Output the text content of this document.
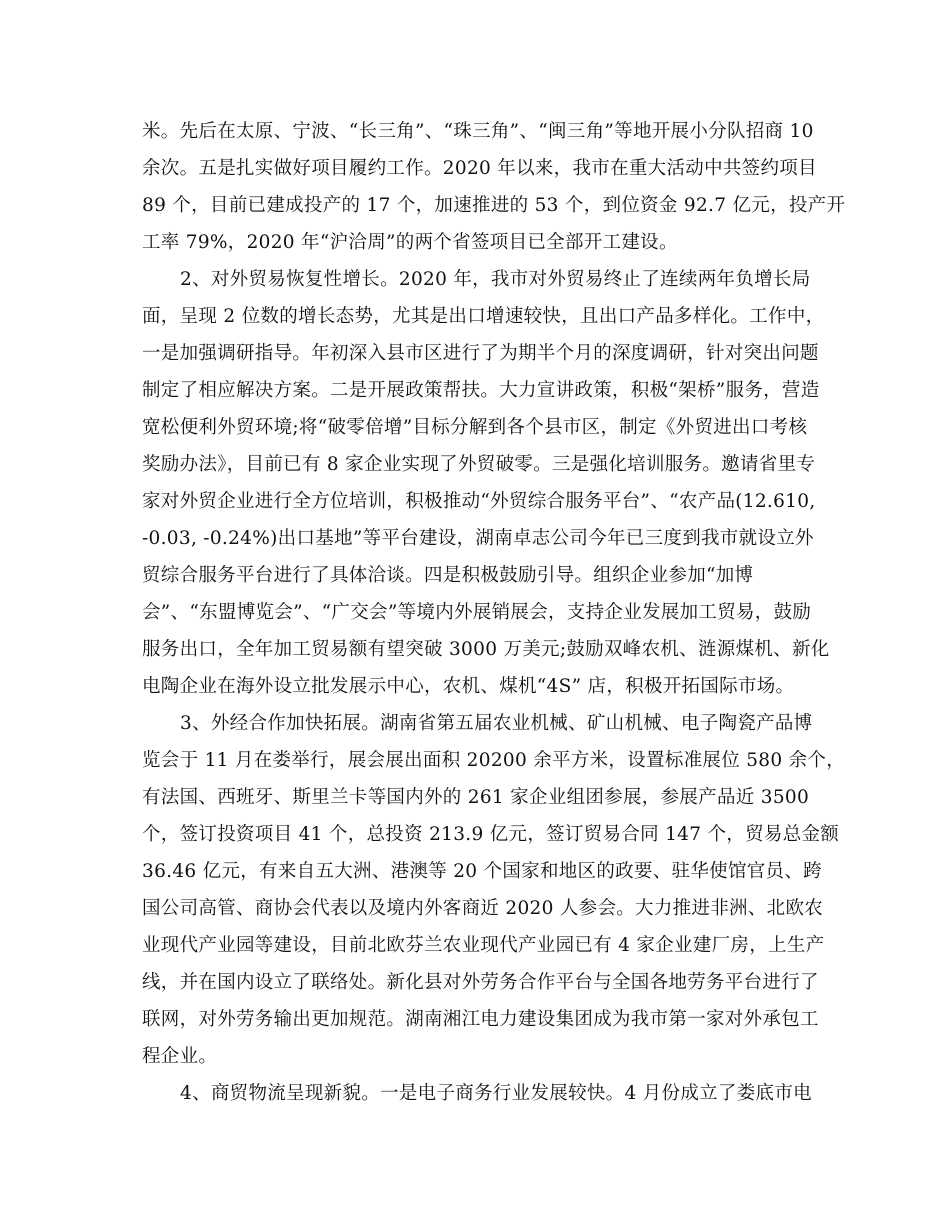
米。先后在太原、宁波、“长三角”、“珠三角”、“闽三角”等地开展小分队招商 10
余次。五是扎实做好项目履约工作。2020 年以来，我市在重大活动中共签约项目
89 个，目前已建成投产的 17 个，加速推进的 53 个，到位资金 92.7 亿元，投产开
工率 79%，2020 年“沪洽周”的两个省签项目已全部开工建设。
2、对外贸易恢复性增长。2020 年，我市对外贸易终止了连续两年负增长局
面，呈现 2 位数的增长态势，尤其是出口增速较快，且出口产品多样化。工作中，
一是加强调研指导。年初深入县市区进行了为期半个月的深度调研，针对突出问题
制定了相应解决方案。二是开展政策帮扶。大力宣讲政策，积极“架桥”服务，营造
宽松便利外贸环境;将“破零倍增”目标分解到各个县市区，制定《外贸进出口考核
奖励办法》，目前已有 8 家企业实现了外贸破零。三是强化培训服务。邀请省里专
家对外贸企业进行全方位培训，积极推动“外贸综合服务平台”、“农产品(12.610,
-0.03, -0.24%)出口基地”等平台建设，湖南卓志公司今年已三度到我市就设立外
贸综合服务平台进行了具体洽谈。四是积极鼓励引导。组织企业参加“加博
会”、“东盟博览会”、“广交会”等境内外展销展会，支持企业发展加工贸易，鼓励
服务出口，全年加工贸易额有望突破 3000 万美元;鼓励双峰农机、涟源煤机、新化
电陶企业在海外设立批发展示中心，农机、煤机“4S” 店，积极开拓国际市场。
3、外经合作加快拓展。湖南省第五届农业机械、矿山机械、电子陶瓷产品博
览会于 11 月在娄举行，展会展出面积 20200 余平方米，设置标准展位 580 余个，
有法国、西班牙、斯里兰卡等国内外的 261 家企业组团参展，参展产品近 3500
个，签订投资项目 41 个，总投资 213.9 亿元，签订贸易合同 147 个，贸易总金额
36.46 亿元，有来自五大洲、港澳等 20 个国家和地区的政要、驻华使馆官员、跨
国公司高管、商协会代表以及境内外客商近 2020 人参会。大力推进非洲、北欧农
业现代产业园等建设，目前北欧芬兰农业现代产业园已有 4 家企业建厂房，上生产
线，并在国内设立了联络处。新化县对外劳务合作平台与全国各地劳务平台进行了
联网，对外劳务输出更加规范。湖南湘江电力建设集团成为我市第一家对外承包工
程企业。
4、商贸物流呈现新貌。一是电子商务行业发展较快。4 月份成立了娄底市电
